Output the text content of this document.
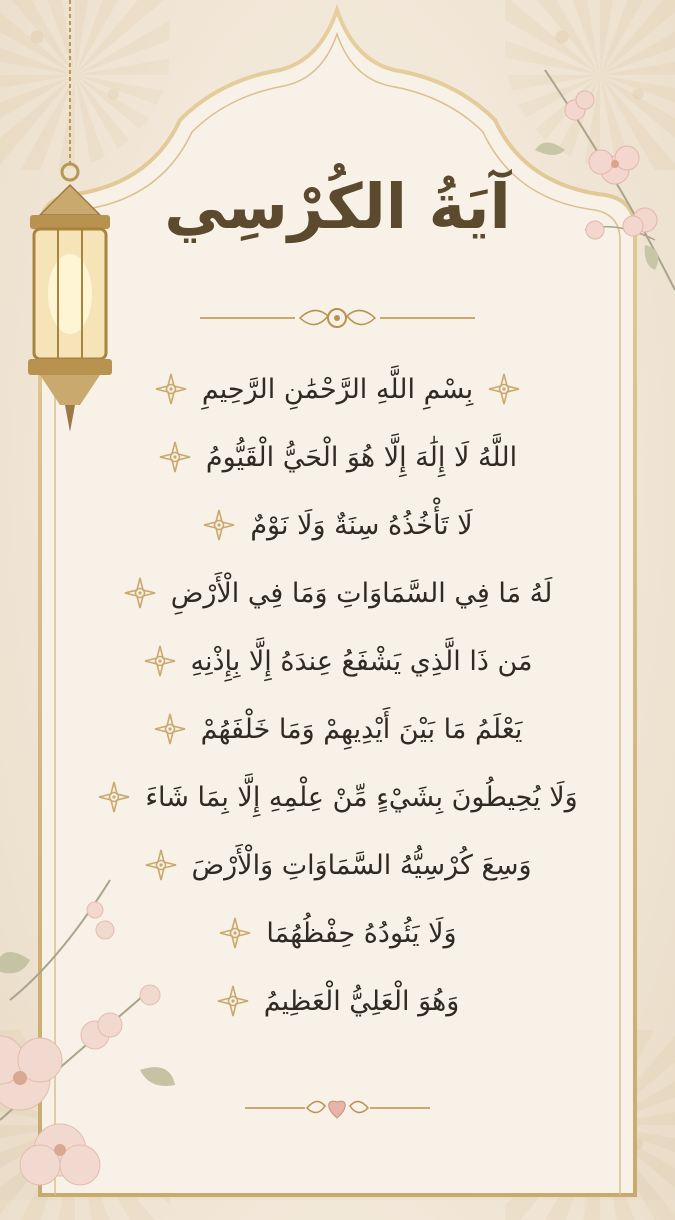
آيَةُ الكُرْسِي
بِسْمِ اللَّهِ الرَّحْمَٰنِ الرَّحِيمِ
اللَّهُ لَا إِلَٰهَ إِلَّا هُوَ الْحَيُّ الْقَيُّومُ
لَا تَأْخُذُهُ سِنَةٌ وَلَا نَوْمٌ
لَهُ مَا فِي السَّمَاوَاتِ وَمَا فِي الْأَرْضِ
مَن ذَا الَّذِي يَشْفَعُ عِندَهُ إِلَّا بِإِذْنِهِ
يَعْلَمُ مَا بَيْنَ أَيْدِيهِمْ وَمَا خَلْفَهُمْ
وَلَا يُحِيطُونَ بِشَيْءٍ مِّنْ عِلْمِهِ إِلَّا بِمَا شَاءَ
وَسِعَ كُرْسِيُّهُ السَّمَاوَاتِ وَالْأَرْضَ
وَلَا يَئُودُهُ حِفْظُهُمَا
وَهُوَ الْعَلِيُّ الْعَظِيمُ
